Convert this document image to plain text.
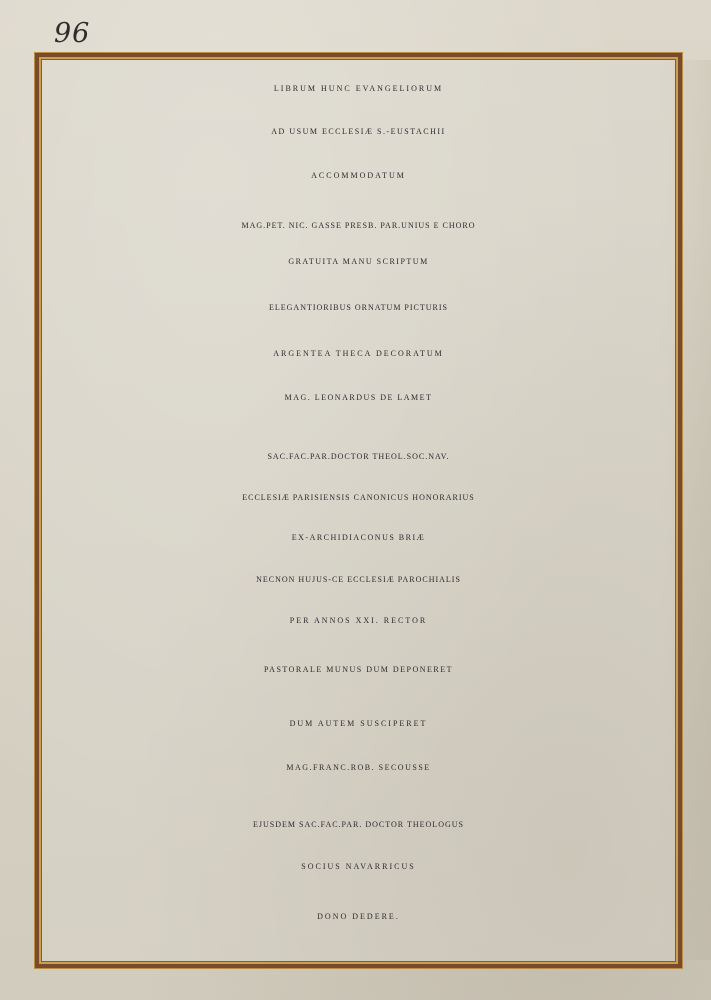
96
LIBRUM HUNC EVANGELIORUM
AD USUM ECCLESIÆ S.-EUSTACHII
ACCOMMODATUM
MAG.PET. NIC. GASSE PRESB. PAR.UNIUS E CHORO
GRATUITA MANU SCRIPTUM
ELEGANTIORIBUS ORNATUM PICTURIS
ARGENTEA THECA DECORATUM
MAG. LEONARDUS DE LAMET
SAC.FAC.PAR.DOCTOR THEOL.SOC.NAV.
ECCLESIÆ PARISIENSIS CANONICUS HONORARIUS
EX-ARCHIDIACONUS BRIÆ
NECNON HUJUS-CE ECCLESIÆ PAROCHIALIS
PER ANNOS XXI. RECTOR
PASTORALE MUNUS DUM DEPONERET
DUM AUTEM SUSCIPERET
MAG.FRANC.ROB. SECOUSSE
EJUSDEM SAC.FAC.PAR. DOCTOR THEOLOGUS
SOCIUS NAVARRICUS
DONO DEDERE.
